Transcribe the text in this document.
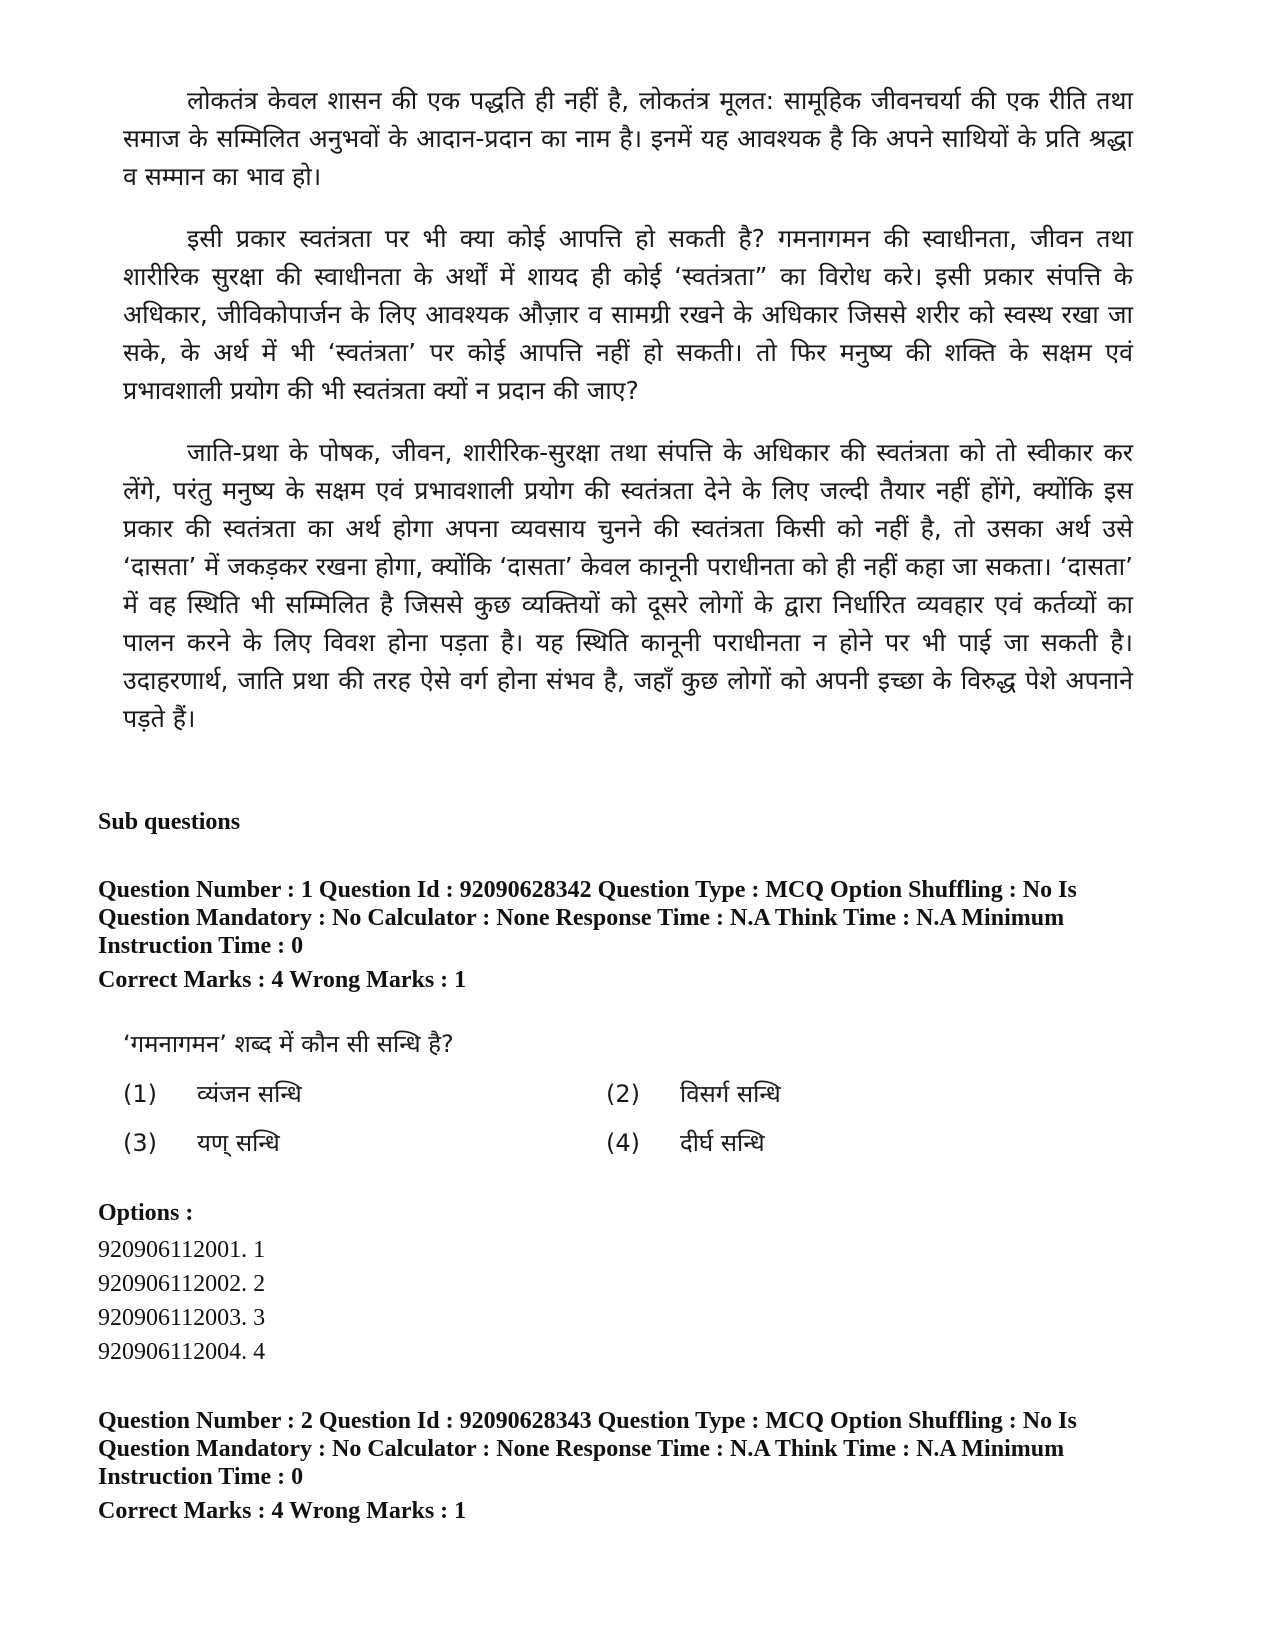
लोकतंत्र केवल शासन की एक पद्धति ही नहीं है, लोकतंत्र मूलत: सामूहिक जीवनचर्या की एक रीति तथा समाज के सम्मिलित अनुभवों के आदान-प्रदान का नाम है। इनमें यह आवश्यक है कि अपने साथियों के प्रति श्रद्धा व सम्मान का भाव हो।

इसी प्रकार स्वतंत्रता पर भी क्या कोई आपत्ति हो सकती है? गमनागमन की स्वाधीनता, जीवन तथा शारीरिक सुरक्षा की स्वाधीनता के अर्थों में शायद ही कोई ‘स्वतंत्रता” का विरोध करे। इसी प्रकार संपत्ति के अधिकार, जीविकोपार्जन के लिए आवश्यक औज़ार व सामग्री रखने के अधिकार जिससे शरीर को स्वस्थ रखा जा सके, के अर्थ में भी ‘स्वतंत्रता’ पर कोई आपत्ति नहीं हो सकती। तो फिर मनुष्य की शक्ति के सक्षम एवं प्रभावशाली प्रयोग की भी स्वतंत्रता क्यों न प्रदान की जाए?

जाति-प्रथा के पोषक, जीवन, शारीरिक-सुरक्षा तथा संपत्ति के अधिकार की स्वतंत्रता को तो स्वीकार कर लेंगे, परंतु मनुष्य के सक्षम एवं प्रभावशाली प्रयोग की स्वतंत्रता देने के लिए जल्दी तैयार नहीं होंगे, क्योंकि इस प्रकार की स्वतंत्रता का अर्थ होगा अपना व्यवसाय चुनने की स्वतंत्रता किसी को नहीं है, तो उसका अर्थ उसे ‘दासता’ में जकड़कर रखना होगा, क्योंकि ‘दासता’ केवल कानूनी पराधीनता को ही नहीं कहा जा सकता। ‘दासता’ में वह स्थिति भी सम्मिलित है जिससे कुछ व्यक्तियों को दूसरे लोगों के द्वारा निर्धारित व्यवहार एवं कर्तव्यों का पालन करने के लिए विवश होना पड़ता है। यह स्थिति कानूनी पराधीनता न होने पर भी पाई जा सकती है। उदाहरणार्थ, जाति प्रथा की तरह ऐसे वर्ग होना संभव है, जहाँ कुछ लोगों को अपनी इच्छा के विरुद्ध पेशे अपनाने पड़ते हैं।

Sub questions
Question Number : 1 Question Id : 92090628342 Question Type : MCQ Option Shuffling : No Is
Question Mandatory : No Calculator : None Response Time : N.A Think Time : N.A Minimum
Instruction Time : 0
Correct Marks : 4 Wrong Marks : 1
‘गमनागमन’ शब्द में कौन सी सन्धि है?
(1)	व्यंजन सन्धि	(2)	विसर्ग सन्धि
(3)	यण् सन्धि	(4)	दीर्घ सन्धि
Options :
920906112001. 1
920906112002. 2
920906112003. 3
920906112004. 4
Question Number : 2 Question Id : 92090628343 Question Type : MCQ Option Shuffling : No Is
Question Mandatory : No Calculator : None Response Time : N.A Think Time : N.A Minimum
Instruction Time : 0
Correct Marks : 4 Wrong Marks : 1
